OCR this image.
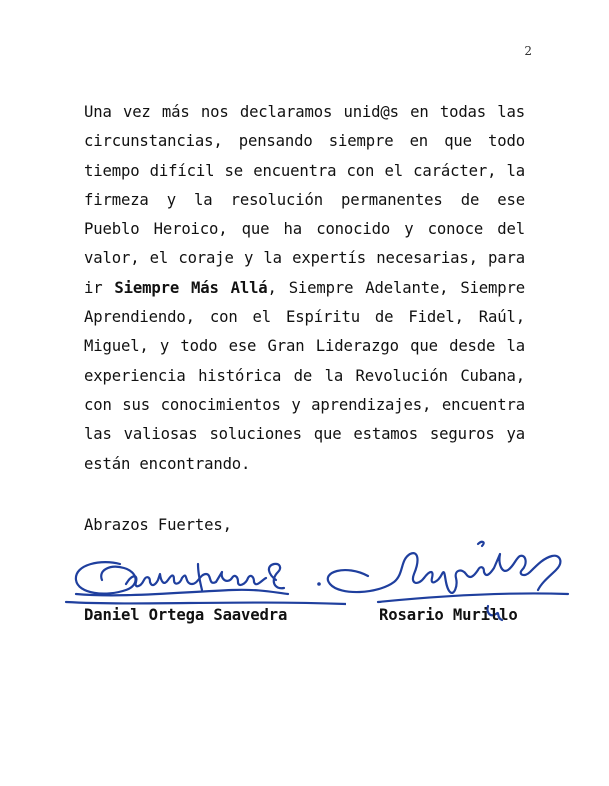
2

Una vez más nos declaramos unid@s en todas las circunstancias, pensando siempre en que todo tiempo difícil se encuentra con el carácter, la firmeza y la resolución permanentes de ese Pueblo Heroico, que ha conocido y conoce del valor, el coraje y la expertís necesarias, para ir Siempre Más Allá, Siempre Adelante, Siempre Aprendiendo, con el Espíritu de Fidel, Raúl, Miguel, y todo ese Gran Liderazgo que desde la experiencia histórica de la Revolución Cubana, con sus conocimientos y aprendizajes, encuentra las valiosas soluciones que estamos seguros ya están encontrando.

Abrazos Fuertes,

Daniel Ortega Saavedra	Rosario Murillo
